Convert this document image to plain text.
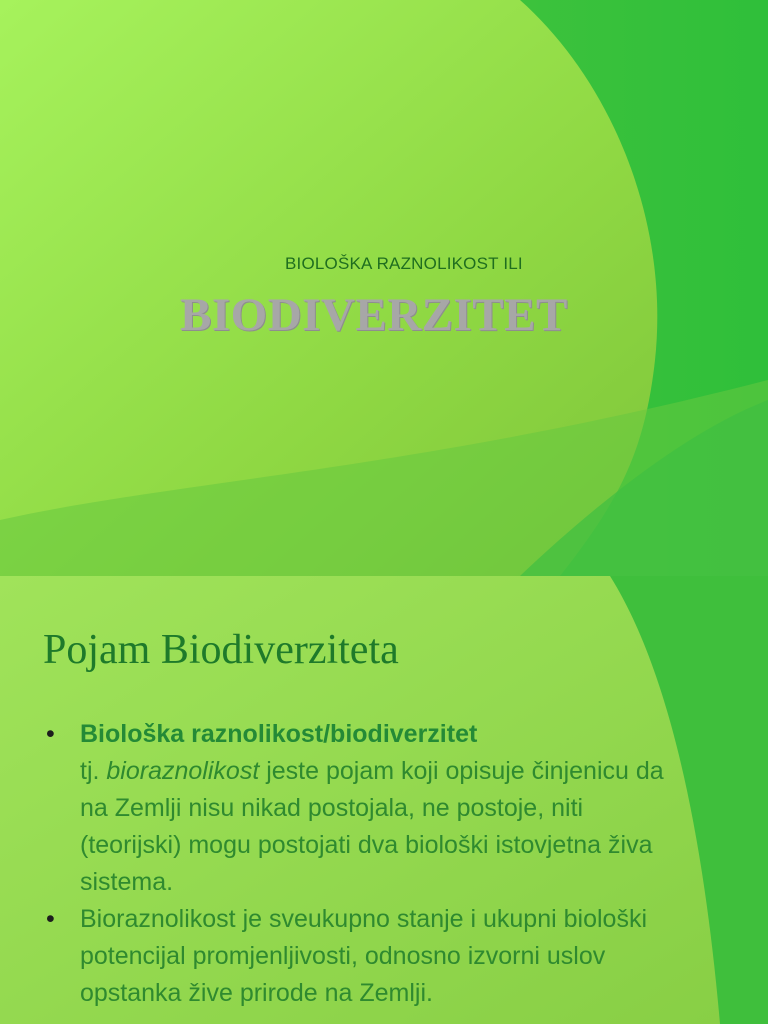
BIOLOŠKA RAZNOLIKOST ILI
BIODIVERZITET
Pojam Biodiverziteta
• Biološka raznolikost/biodiverzitet
tj. bioraznolikost jeste pojam koji opisuje činjenicu da na Zemlji nisu nikad postojala, ne postoje, niti (teorijski) mogu postojati dva biološki istovjetna živa sistema.
• Bioraznolikost je sveukupno stanje i ukupni biološki potencijal promjenljivosti, odnosno izvorni uslov opstanka žive prirode na Zemlji.
